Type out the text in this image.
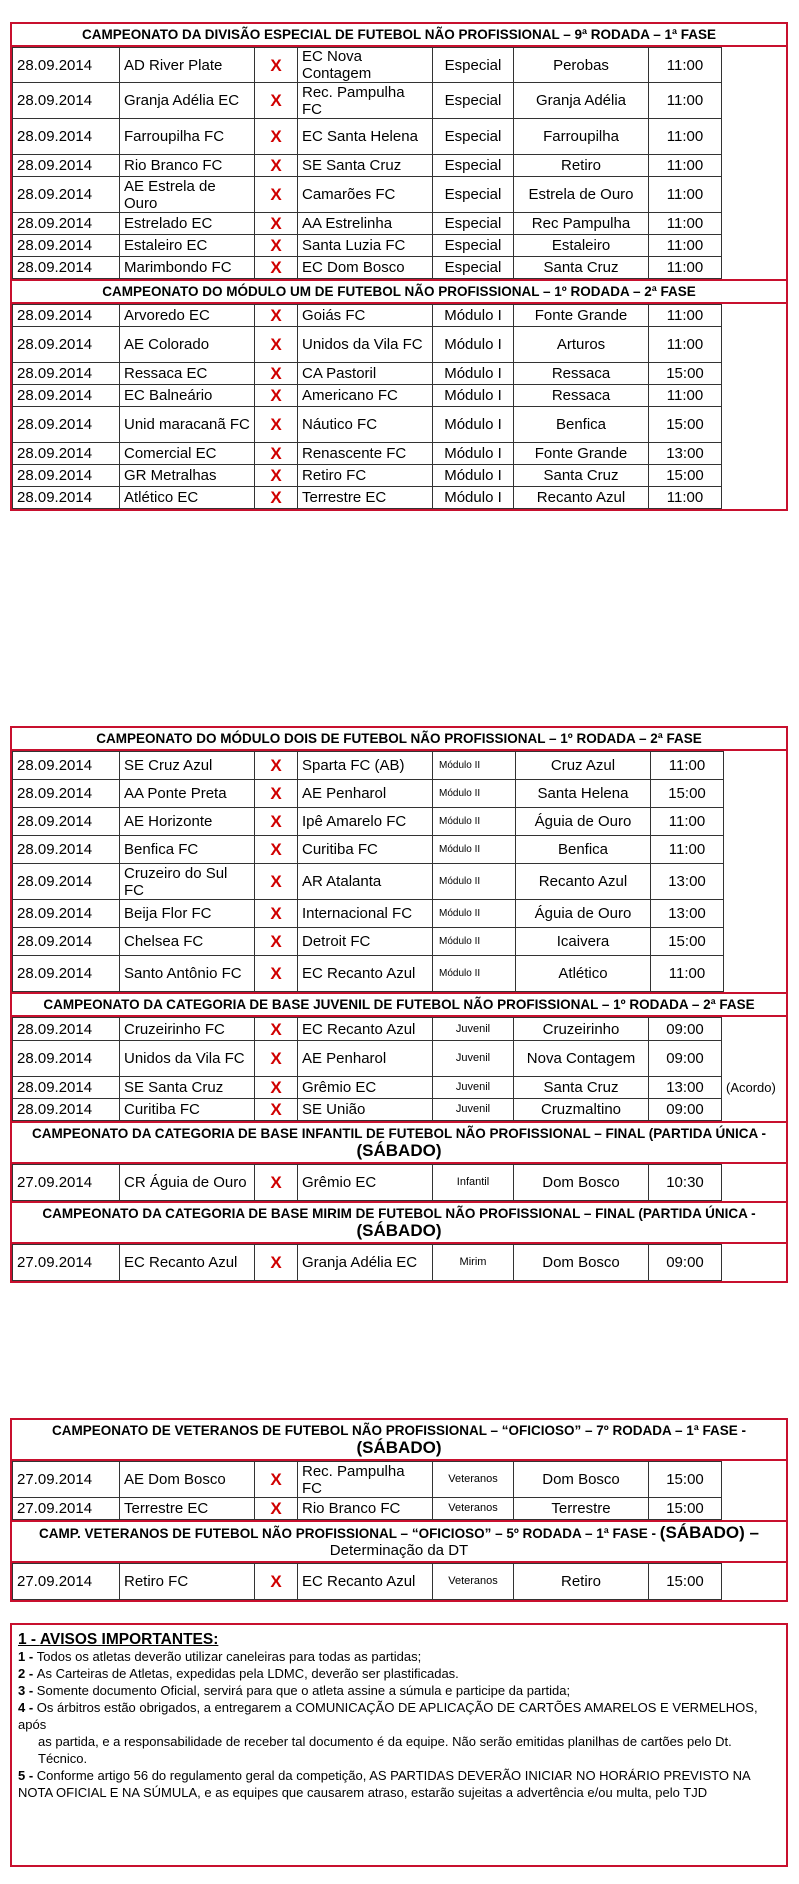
CAMPEONATO DA DIVISÃO ESPECIAL DE FUTEBOL NÃO PROFISSIONAL – 9ª RODADA – 1ª FASE
28.09.2014	AD River Plate	X	EC Nova Contagem	Especial	Perobas	11:00	
28.09.2014	Granja Adélia EC	X	Rec. Pampulha FC	Especial	Granja Adélia	11:00	
28.09.2014	Farroupilha FC	X	EC Santa Helena	Especial	Farroupilha	11:00	
28.09.2014	Rio Branco FC	X	SE Santa Cruz	Especial	Retiro	11:00	
28.09.2014	AE Estrela de Ouro	X	Camarões FC	Especial	Estrela de Ouro	11:00	
28.09.2014	Estrelado EC	X	AA Estrelinha	Especial	Rec Pampulha	11:00	
28.09.2014	Estaleiro EC	X	Santa Luzia FC	Especial	Estaleiro	11:00	
28.09.2014	Marimbondo FC	X	EC Dom Bosco	Especial	Santa Cruz	11:00	
CAMPEONATO DO MÓDULO UM DE FUTEBOL NÃO PROFISSIONAL – 1º RODADA – 2ª FASE
28.09.2014	Arvoredo EC	X	Goiás FC	Módulo I	Fonte Grande	11:00	
28.09.2014	AE Colorado	X	Unidos da Vila FC	Módulo I	Arturos	11:00	
28.09.2014	Ressaca EC	X	CA Pastoril	Módulo I	Ressaca	15:00	
28.09.2014	EC Balneário	X	Americano FC	Módulo I	Ressaca	11:00	
28.09.2014	Unid maracanã FC	X	Náutico FC	Módulo I	Benfica	15:00	
28.09.2014	Comercial EC	X	Renascente FC	Módulo I	Fonte Grande	13:00	
28.09.2014	GR Metralhas	X	Retiro FC	Módulo I	Santa Cruz	15:00	
28.09.2014	Atlético EC	X	Terrestre EC	Módulo I	Recanto Azul	11:00	
CAMPEONATO DO MÓDULO DOIS DE FUTEBOL NÃO PROFISSIONAL – 1º RODADA – 2ª FASE
28.09.2014	SE Cruz Azul	X	Sparta FC (AB)	Módulo II	Cruz Azul	11:00	
28.09.2014	AA Ponte Preta	X	AE Penharol	Módulo II	Santa Helena	15:00	
28.09.2014	AE Horizonte	X	Ipê Amarelo FC	Módulo II	Águia de Ouro	11:00	
28.09.2014	Benfica FC	X	Curitiba FC	Módulo II	Benfica	11:00	
28.09.2014	Cruzeiro do Sul FC	X	AR Atalanta	Módulo II	Recanto Azul	13:00	
28.09.2014	Beija Flor FC	X	Internacional FC	Módulo II	Águia de Ouro	13:00	
28.09.2014	Chelsea FC	X	Detroit FC	Módulo II	Icaivera	15:00	
28.09.2014	Santo Antônio FC	X	EC Recanto Azul	Módulo II	Atlético	11:00	
CAMPEONATO DA CATEGORIA DE BASE JUVENIL DE FUTEBOL NÃO PROFISSIONAL – 1º RODADA – 2ª FASE
28.09.2014	Cruzeirinho FC	X	EC Recanto Azul	Juvenil	Cruzeirinho	09:00	
28.09.2014	Unidos da Vila FC	X	AE Penharol	Juvenil	Nova Contagem	09:00	
28.09.2014	SE Santa Cruz	X	Grêmio EC	Juvenil	Santa Cruz	13:00	(Acordo)
28.09.2014	Curitiba FC	X	SE União	Juvenil	Cruzmaltino	09:00	
CAMPEONATO DA CATEGORIA DE BASE INFANTIL DE FUTEBOL NÃO PROFISSIONAL – FINAL (PARTIDA ÚNICA - (SÁBADO)
27.09.2014	CR Águia de Ouro	X	Grêmio EC	Infantil	Dom Bosco	10:30	
CAMPEONATO DA CATEGORIA DE BASE MIRIM DE FUTEBOL NÃO PROFISSIONAL – FINAL (PARTIDA ÚNICA - (SÁBADO)
27.09.2014	EC Recanto Azul	X	Granja Adélia EC	Mirim	Dom Bosco	09:00	
CAMPEONATO DE VETERANOS DE FUTEBOL NÃO PROFISSIONAL – “OFICIOSO” – 7º RODADA – 1ª FASE - (SÁBADO)
27.09.2014	AE Dom Bosco	X	Rec. Pampulha FC	Veteranos	Dom Bosco	15:00	
27.09.2014	Terrestre EC	X	Rio Branco FC	Veteranos	Terrestre	15:00	
CAMP. VETERANOS DE FUTEBOL NÃO PROFISSIONAL – “OFICIOSO” – 5º RODADA – 1ª FASE - (SÁBADO) – Determinação da DT
27.09.2014	Retiro FC	X	EC Recanto Azul	Veteranos	Retiro	15:00	
1 - AVISOS IMPORTANTES:
1 - Todos os atletas deverão utilizar caneleiras para todas as partidas;
2 - As Carteiras de Atletas, expedidas pela LDMC, deverão ser plastificadas.
3 - Somente documento Oficial, servirá para que o atleta assine a súmula e participe da partida;
4 - Os árbitros estão obrigados, a entregarem a COMUNICAÇÃO DE APLICAÇÃO DE CARTÕES AMARELOS E VERMELHOS, após
as partida, e a responsabilidade de receber tal documento é da equipe. Não serão emitidas planilhas de cartões pelo Dt. Técnico.
5 - Conforme artigo 56 do regulamento geral da competição, AS PARTIDAS DEVERÃO INICIAR NO HORÁRIO PREVISTO NA NOTA OFICIAL E NA SÚMULA, e as equipes que causarem atraso, estarão sujeitas a advertência e/ou multa, pelo TJD
